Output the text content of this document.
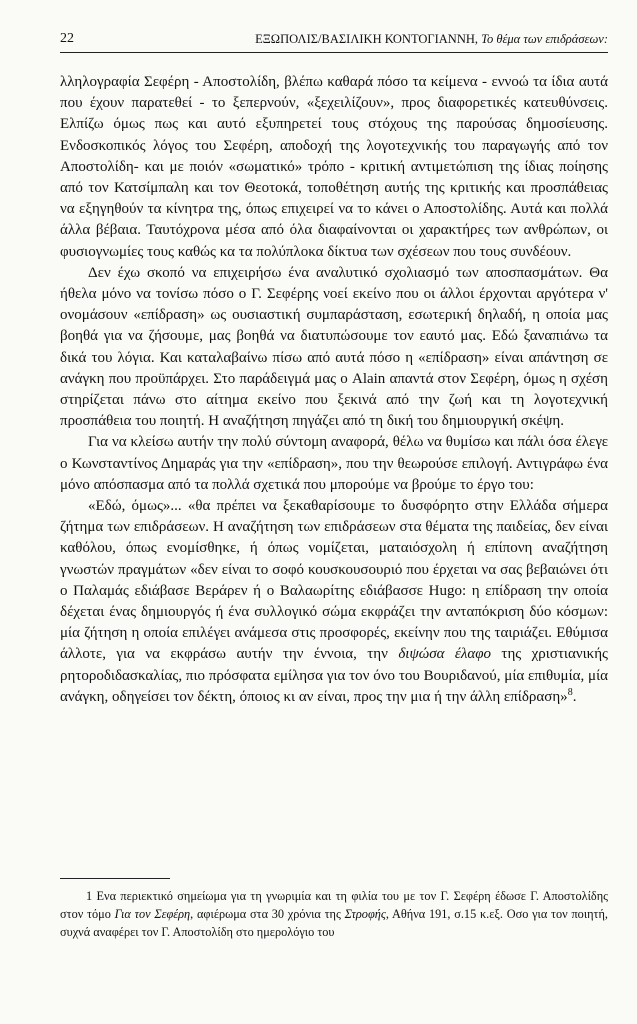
22	ΕΞΩΠΟΛΙΣ/ΒΑΣΙΛΙΚΗ ΚΟΝΤΟΓΙΑΝΝΗ, Το θέμα των επιδράσεων:

λληλογραφία Σεφέρη - Αποστολίδη, βλέπω καθαρά πόσο τα κείμενα - εννοώ τα ίδια αυτά που έχουν παρατεθεί - το ξεπερνούν, «ξεχειλίζουν», προς διαφορετικές κατευθύνσεις. Ελπίζω όμως πως και αυτό εξυπηρετεί τους στόχους της παρούσας δημοσίευσης. Ενδοσκοπικός λόγος του Σεφέρη, αποδοχή της λογοτεχνικής του παραγωγής από τον Αποστολίδη- και με ποιόν «σωματικό» τρόπο - κριτική αντιμετώπιση της ίδιας ποίησης από τον Κατσίμπαλη και τον Θεοτοκά, τοποθέτηση αυτής της κριτικής και προσπάθειας να εξηγηθούν τα κίνητρα της, όπως επιχειρεί να το κάνει ο Αποστολίδης. Αυτά και πολλά άλλα βέβαια. Ταυτόχρονα μέσα από όλα διαφαίνονται οι χαρακτήρες των ανθρώπων, οι φυσιογνωμίες τους καθώς κα τα πολύπλοκα δίκτυα των σχέσεων που τους συνδέουν.

Δεν έχω σκοπό να επιχειρήσω ένα αναλυτικό σχολιασμό των αποσπασμάτων. Θα ήθελα μόνο να τονίσω πόσο ο Γ. Σεφέρης νοεί εκείνο που οι άλλοι έρχονται αργότερα ν' ονομάσουν «επίδραση» ως ουσιαστική συμπαράσταση, εσωτερική δηλαδή, η οποία μας βοηθά για να ζήσουμε, μας βοηθά να διατυπώσουμε τον εαυτό μας. Εδώ ξαναπιάνω τα δικά του λόγια. Και καταλαβαίνω πίσω από αυτά πόσο η «επίδραση» είναι απάντηση σε ανάγκη που προϋπάρχει. Στο παράδειγμά μας ο Alain απαντά στον Σεφέρη, όμως η σχέση στηρίζεται πάνω στο αίτημα εκείνο που ξεκινά από την ζωή και τη λογοτεχνική προσπάθεια του ποιητή. Η αναζήτηση πηγάζει από τη δική του δημιουργική σκέψη.

Για να κλείσω αυτήν την πολύ σύντομη αναφορά, θέλω να θυμίσω και πάλι όσα έλεγε ο Κωνσταντίνος Δημαράς για την «επίδραση», που την θεωρούσε επιλογή. Αντιγράφω ένα μόνο απόσπασμα από τα πολλά σχετικά που μπορούμε να βρούμε το έργο του:

«Εδώ, όμως»... «θα πρέπει να ξεκαθαρίσουμε το δυσφόρητο στην Ελλάδα σήμερα ζήτημα των επιδράσεων. Η αναζήτηση των επιδράσεων στα θέματα της παιδείας, δεν είναι καθόλου, όπως ενομίσθηκε, ή όπως νομίζεται, ματαιόσχολη ή επίπονη αναζήτηση γνωστών πραγμάτων «δεν είναι το σοφό κουσκουσουριό που έρχεται να σας βεβαιώνει ότι ο Παλαμάς εδιάβασε Βεράρεν ή ο Βαλαωρίτης εδιάβασσε Hugo: η επίδραση την οποία δέχεται ένας δημιουργός ή ένα συλλογικό σώμα εκφράζει την ανταπόκριση δύο κόσμων: μία ζήτηση η οποία επιλέγει ανάμεσα στις προσφορές, εκείνην που της ταιριάζει. Εθύμισα άλλοτε, για να εκφράσω αυτήν την έννοια, την διψώσα έλαφο της χριστιανικής ρητοροδιδασκαλίας, πιο πρόσφατα εμίλησα για τον όνο του Βουριδανού, μία επιθυμία, μία ανάγκη, οδηγείσει τον δέκτη, όποιος κι αν είναι, προς την μια ή την άλλη επίδραση»$^8$.

1 Ενα περιεκτικό σημείωμα για τη γνωριμία και τη φιλία του με τον Γ. Σεφέρη έδωσε Γ. Αποστολίδης στον τόμο Για τον Σεφέρη, αφιέρωμα στα 30 χρόνια της Στροφής, Αθήνα 191, σ.15 κ.εξ. Οσο για τον ποιητή, συχνά αναφέρει τον Γ. Αποστολίδη στο ημερολόγιο του
